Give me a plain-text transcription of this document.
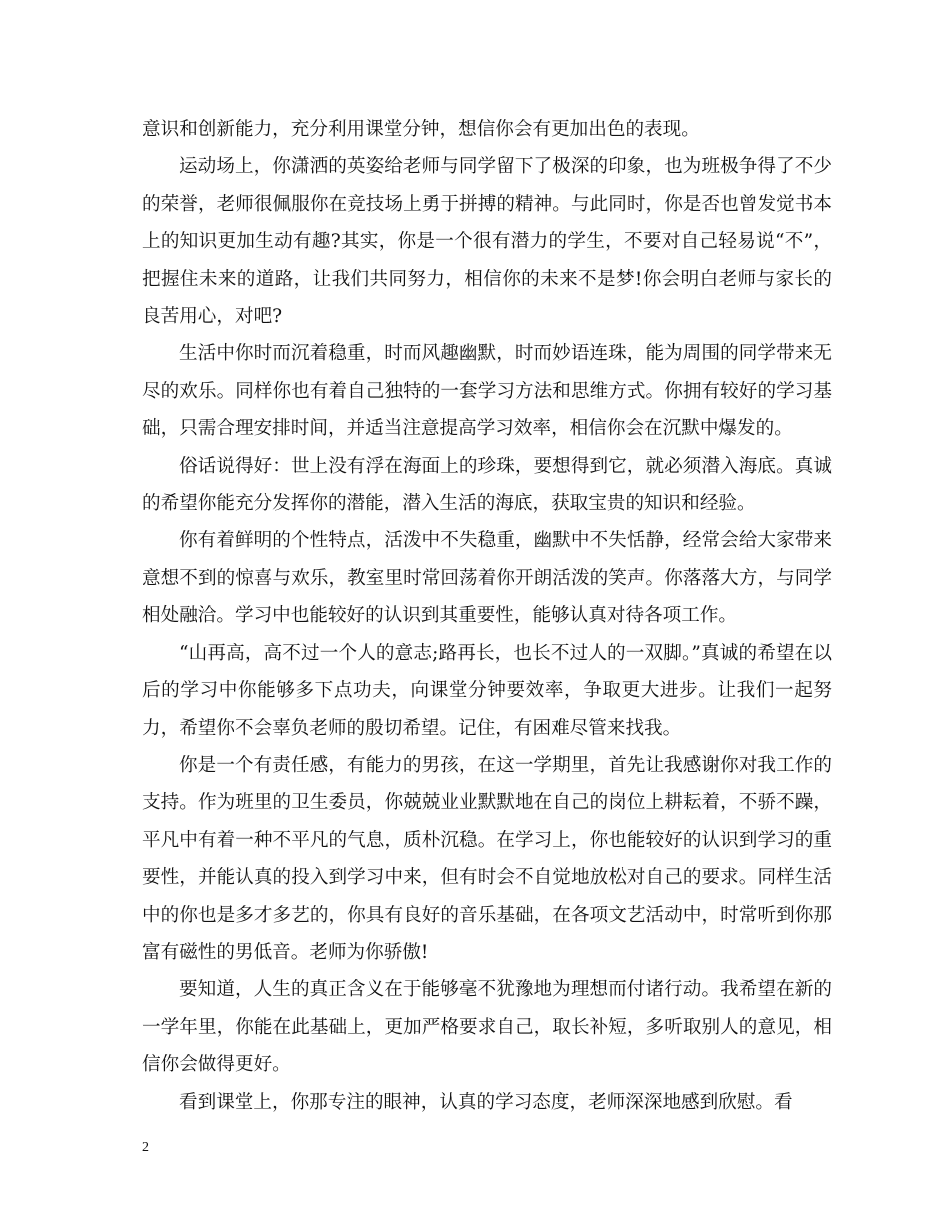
意识和创新能力，充分利用课堂分钟，想信你会有更加出色的表现。

运动场上，你潇洒的英姿给老师与同学留下了极深的印象，也为班极争得了不少的荣誉，老师很佩服你在竞技场上勇于拼搏的精神。与此同时，你是否也曾发觉书本上的知识更加生动有趣?其实，你是一个很有潜力的学生，不要对自己轻易说“不”，把握住未来的道路，让我们共同努力，相信你的未来不是梦!你会明白老师与家长的良苦用心，对吧?

生活中你时而沉着稳重，时而风趣幽默，时而妙语连珠，能为周围的同学带来无尽的欢乐。同样你也有着自己独特的一套学习方法和思维方式。你拥有较好的学习基础，只需合理安排时间，并适当注意提高学习效率，相信你会在沉默中爆发的。

俗话说得好：世上没有浮在海面上的珍珠，要想得到它，就必须潜入海底。真诚的希望你能充分发挥你的潜能，潜入生活的海底，获取宝贵的知识和经验。

你有着鲜明的个性特点，活泼中不失稳重，幽默中不失恬静，经常会给大家带来意想不到的惊喜与欢乐，教室里时常回荡着你开朗活泼的笑声。你落落大方，与同学相处融洽。学习中也能较好的认识到其重要性，能够认真对待各项工作。

“山再高，高不过一个人的意志;路再长，也长不过人的一双脚。”真诚的希望在以后的学习中你能够多下点功夫，向课堂分钟要效率，争取更大进步。让我们一起努力，希望你不会辜负老师的殷切希望。记住，有困难尽管来找我。

你是一个有责任感，有能力的男孩，在这一学期里，首先让我感谢你对我工作的支持。作为班里的卫生委员，你兢兢业业默默地在自己的岗位上耕耘着，不骄不躁，平凡中有着一种不平凡的气息，质朴沉稳。在学习上，你也能较好的认识到学习的重要性，并能认真的投入到学习中来，但有时会不自觉地放松对自己的要求。同样生活中的你也是多才多艺的，你具有良好的音乐基础，在各项文艺活动中，时常听到你那富有磁性的男低音。老师为你骄傲!

要知道，人生的真正含义在于能够毫不犹豫地为理想而付诸行动。我希望在新的一学年里，你能在此基础上，更加严格要求自己，取长补短，多听取别人的意见，相信你会做得更好。

看到课堂上，你那专注的眼神，认真的学习态度，老师深深地感到欣慰。看

2
